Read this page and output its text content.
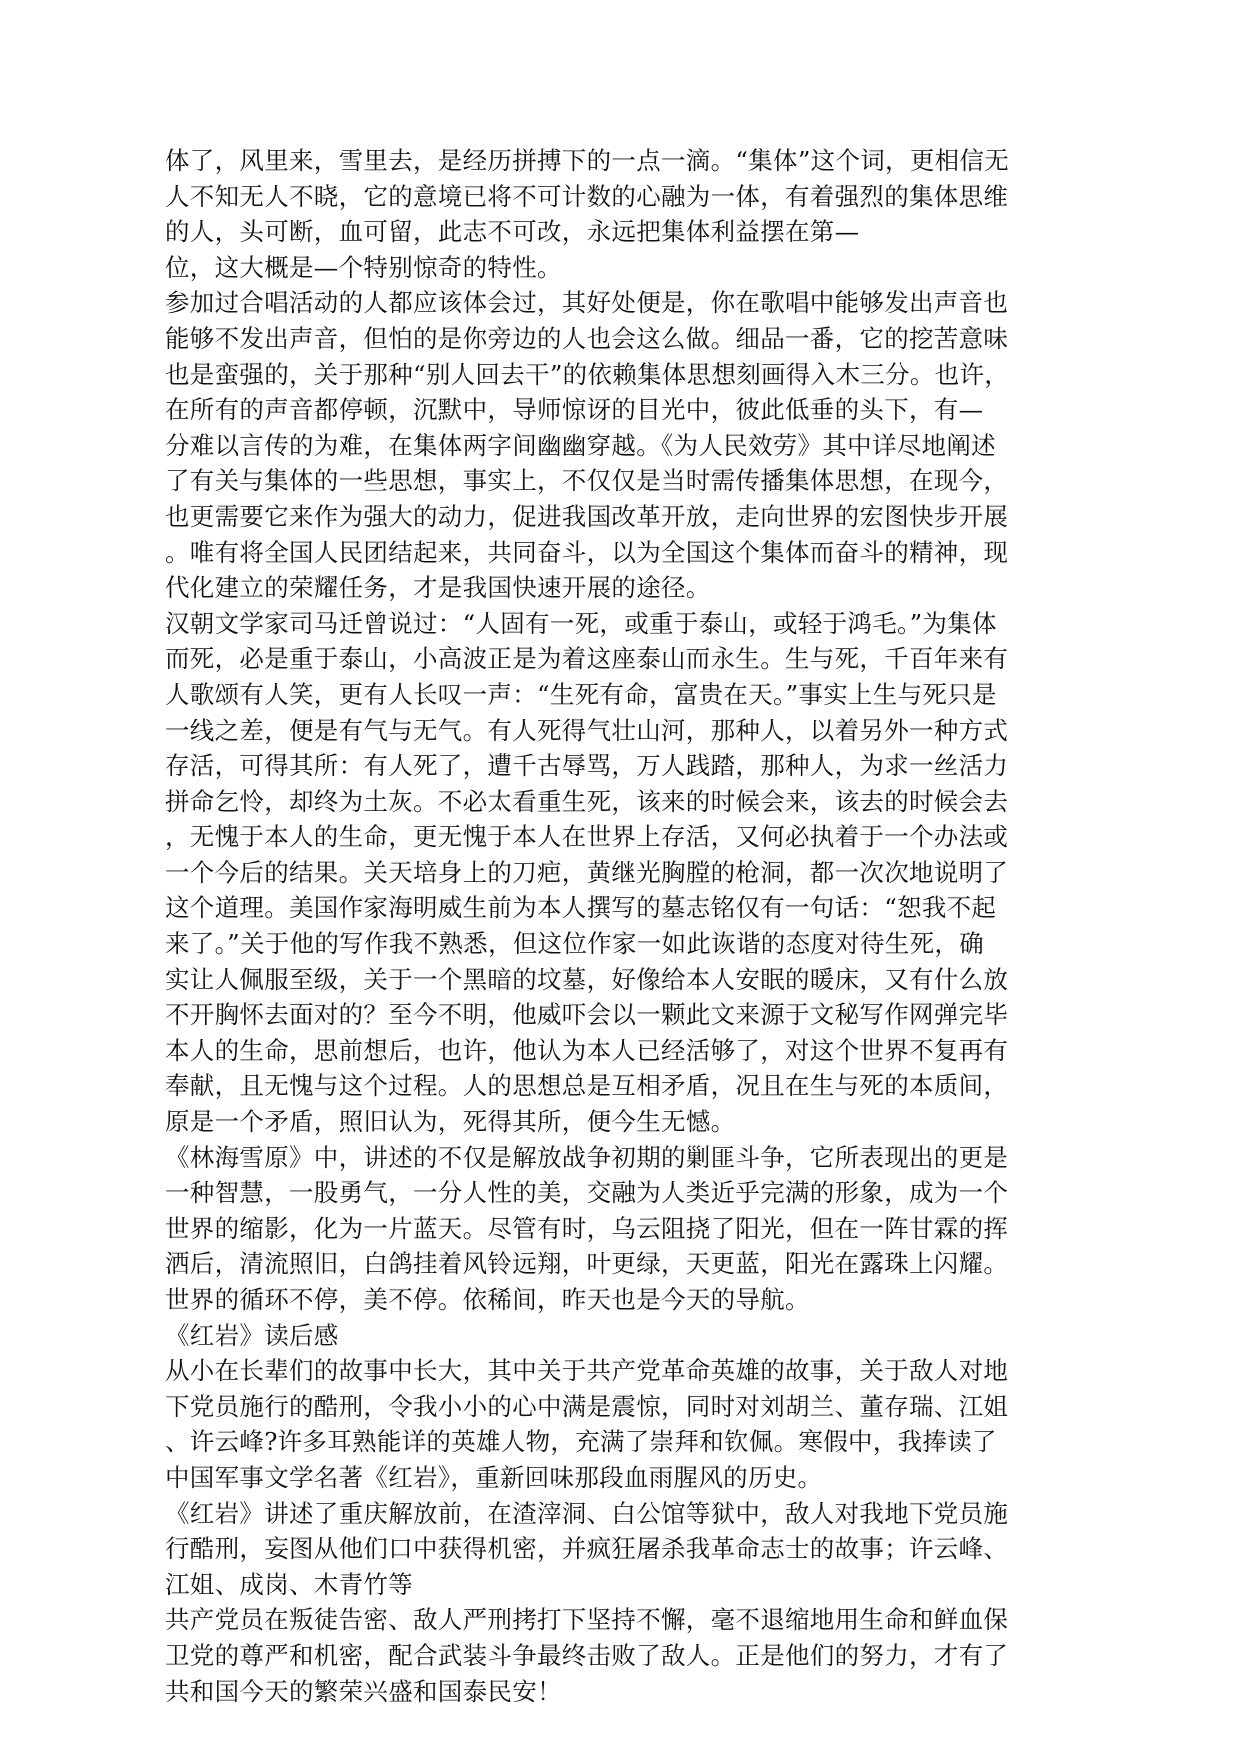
体了，风里来，雪里去，是经历拼搏下的一点一滴。“集体”这个词，更相信无
人不知无人不晓，它的意境已将不可计数的心融为一体，有着强烈的集体思维
的人，头可断，血可留，此志不可改，永远把集体利益摆在第—
位，这大概是—个特别惊奇的特性。
参加过合唱活动的人都应该体会过，其好处便是，你在歌唱中能够发出声音也
能够不发出声音，但怕的是你旁边的人也会这么做。细品一番，它的挖苦意味
也是蛮强的，关于那种“别人回去干”的依赖集体思想刻画得入木三分。也许，
在所有的声音都停顿，沉默中，导师惊讶的目光中，彼此低垂的头下，有—
分难以言传的为难，在集体两字间幽幽穿越。《为人民效劳》其中详尽地阐述
了有关与集体的一些思想，事实上，不仅仅是当时需传播集体思想，在现今，
也更需要它来作为强大的动力，促进我国改革开放，走向世界的宏图快步开展
。唯有将全国人民团结起来，共同奋斗，以为全国这个集体而奋斗的精神，现
代化建立的荣耀任务，才是我国快速开展的途径。
汉朝文学家司马迁曾说过：“人固有一死，或重于泰山，或轻于鸿毛。”为集体
而死，必是重于泰山，小高波正是为着这座泰山而永生。生与死，千百年来有
人歌颂有人笑，更有人长叹一声：“生死有命，富贵在天。”事实上生与死只是
一线之差，便是有气与无气。有人死得气壮山河，那种人，以着另外一种方式
存活，可得其所：有人死了，遭千古辱骂，万人践踏，那种人，为求一丝活力
拼命乞怜，却终为土灰。不必太看重生死，该来的时候会来，该去的时候会去
，无愧于本人的生命，更无愧于本人在世界上存活，又何必执着于一个办法或
一个今后的结果。关天培身上的刀疤，黄继光胸膛的枪洞，都一次次地说明了
这个道理。美国作家海明威生前为本人撰写的墓志铭仅有一句话：“恕我不起
来了。”关于他的写作我不熟悉，但这位作家一如此诙谐的态度对待生死，确
实让人佩服至级，关于一个黑暗的坟墓，好像给本人安眠的暖床，又有什么放
不开胸怀去面对的？至今不明，他威吓会以一颗此文来源于文秘写作网弹完毕
本人的生命，思前想后，也许，他认为本人已经活够了，对这个世界不复再有
奉献，且无愧与这个过程。人的思想总是互相矛盾，况且在生与死的本质间，
原是一个矛盾，照旧认为，死得其所，便今生无憾。
《林海雪原》中，讲述的不仅是解放战争初期的剿匪斗争，它所表现出的更是
一种智慧，一股勇气，一分人性的美，交融为人类近乎完满的形象，成为一个
世界的缩影，化为一片蓝天。尽管有时，乌云阻挠了阳光，但在一阵甘霖的挥
洒后，清流照旧，白鸽挂着风铃远翔，叶更绿，天更蓝，阳光在露珠上闪耀。
世界的循环不停，美不停。依稀间，昨天也是今天的导航。
《红岩》读后感
从小在长辈们的故事中长大，其中关于共产党革命英雄的故事，关于敌人对地
下党员施行的酷刑，令我小小的心中满是震惊，同时对刘胡兰、董存瑞、江姐
、许云峰?许多耳熟能详的英雄人物，充满了崇拜和钦佩。寒假中，我捧读了
中国军事文学名著《红岩》，重新回味那段血雨腥风的历史。
《红岩》讲述了重庆解放前，在渣滓洞、白公馆等狱中，敌人对我地下党员施
行酷刑，妄图从他们口中获得机密，并疯狂屠杀我革命志士的故事；许云峰、
江姐、成岗、木青竹等
共产党员在叛徒告密、敌人严刑拷打下坚持不懈，毫不退缩地用生命和鲜血保
卫党的尊严和机密，配合武装斗争最终击败了敌人。正是他们的努力，才有了
共和国今天的繁荣兴盛和国泰民安！
